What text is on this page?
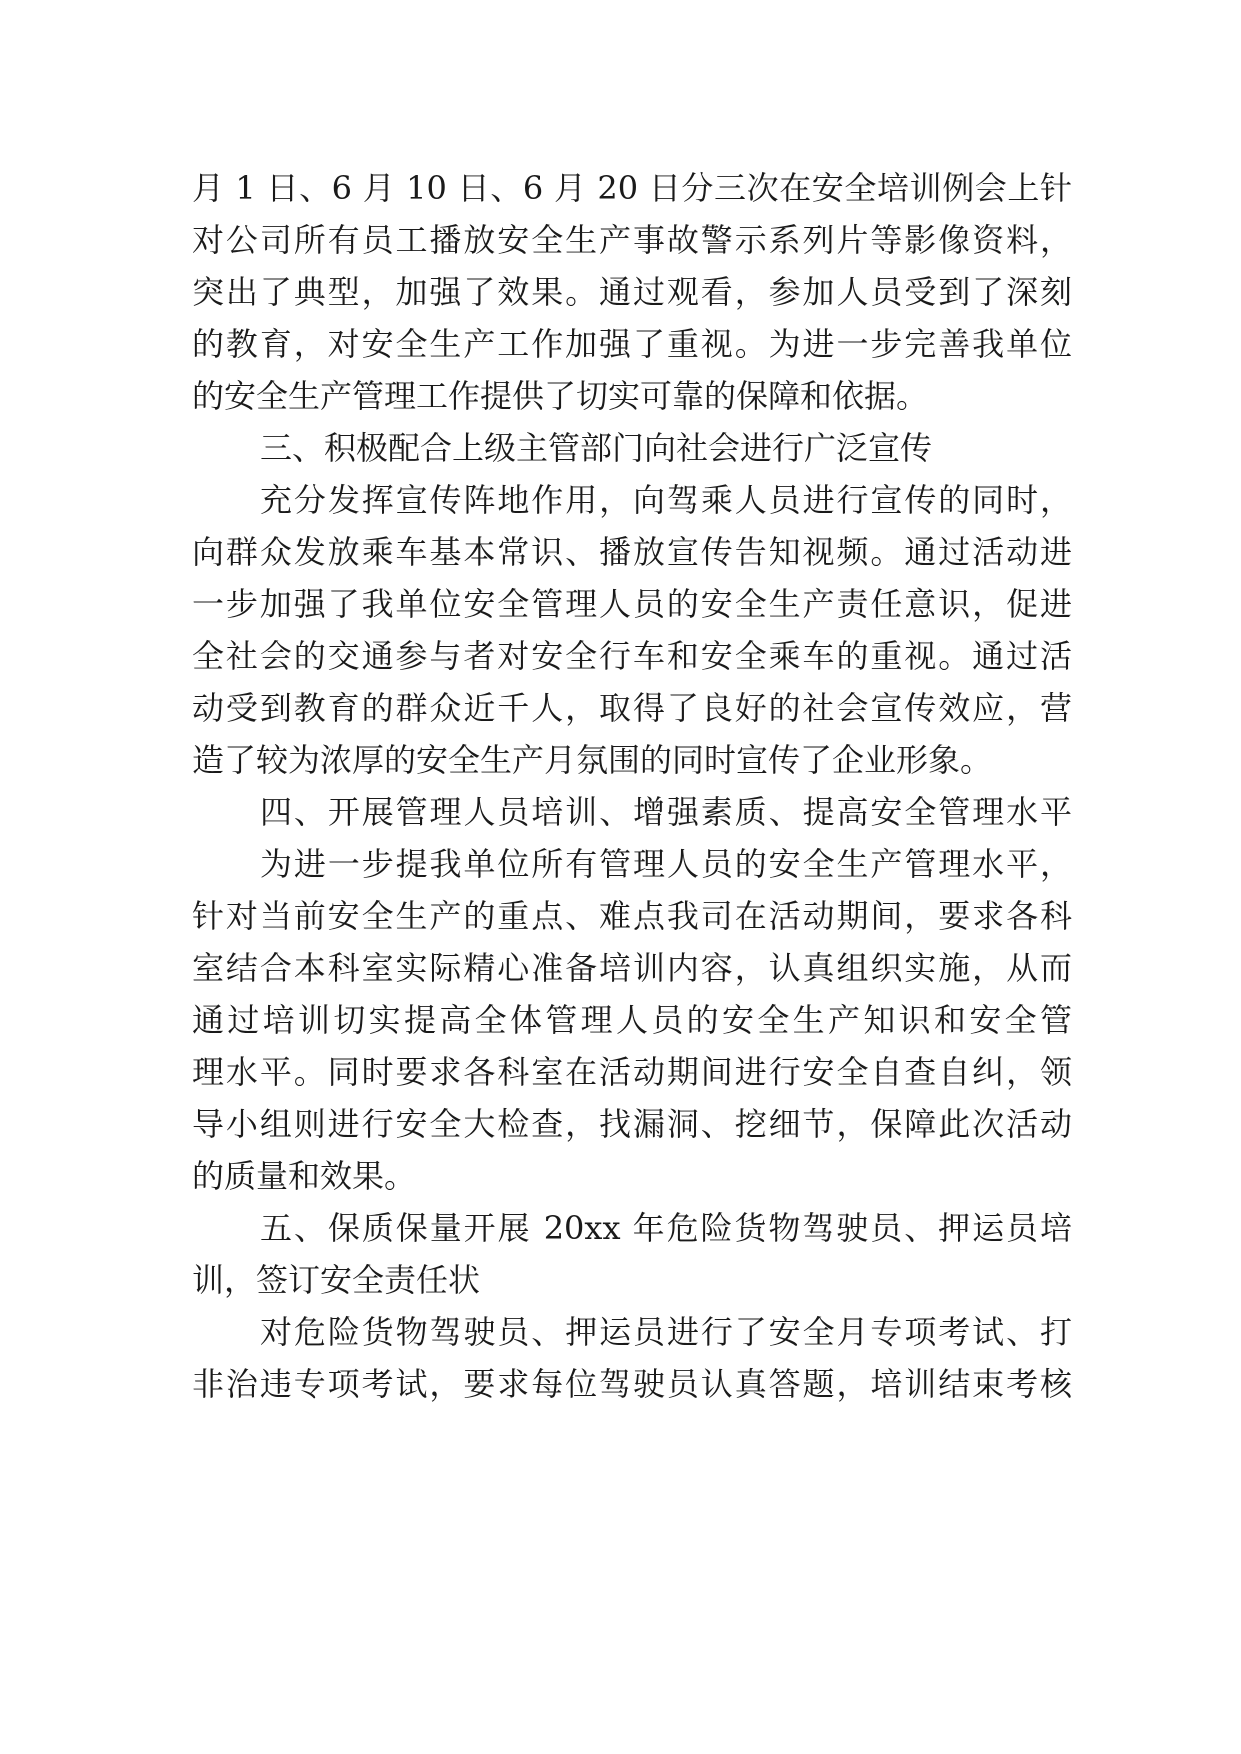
月 1 日、6 月 10 日、6 月 20 日分三次在安全培训例会上针
对公司所有员工播放安全生产事故警示系列片等影像资料，
突出了典型，加强了效果。通过观看，参加人员受到了深刻
的教育，对安全生产工作加强了重视。为进一步完善我单位
的安全生产管理工作提供了切实可靠的保障和依据。
三、积极配合上级主管部门向社会进行广泛宣传
充分发挥宣传阵地作用，向驾乘人员进行宣传的同时，
向群众发放乘车基本常识、播放宣传告知视频。通过活动进
一步加强了我单位安全管理人员的安全生产责任意识，促进
全社会的交通参与者对安全行车和安全乘车的重视。通过活
动受到教育的群众近千人，取得了良好的社会宣传效应，营
造了较为浓厚的安全生产月氛围的同时宣传了企业形象。
四、开展管理人员培训、增强素质、提高安全管理水平
为进一步提我单位所有管理人员的安全生产管理水平，
针对当前安全生产的重点、难点我司在活动期间，要求各科
室结合本科室实际精心准备培训内容，认真组织实施，从而
通过培训切实提高全体管理人员的安全生产知识和安全管
理水平。同时要求各科室在活动期间进行安全自查自纠，领
导小组则进行安全大检查，找漏洞、挖细节，保障此次活动
的质量和效果。
五、保质保量开展 20xx 年危险货物驾驶员、押运员培
训，签订安全责任状
对危险货物驾驶员、押运员进行了安全月专项考试、打
非治违专项考试，要求每位驾驶员认真答题，培训结束考核
